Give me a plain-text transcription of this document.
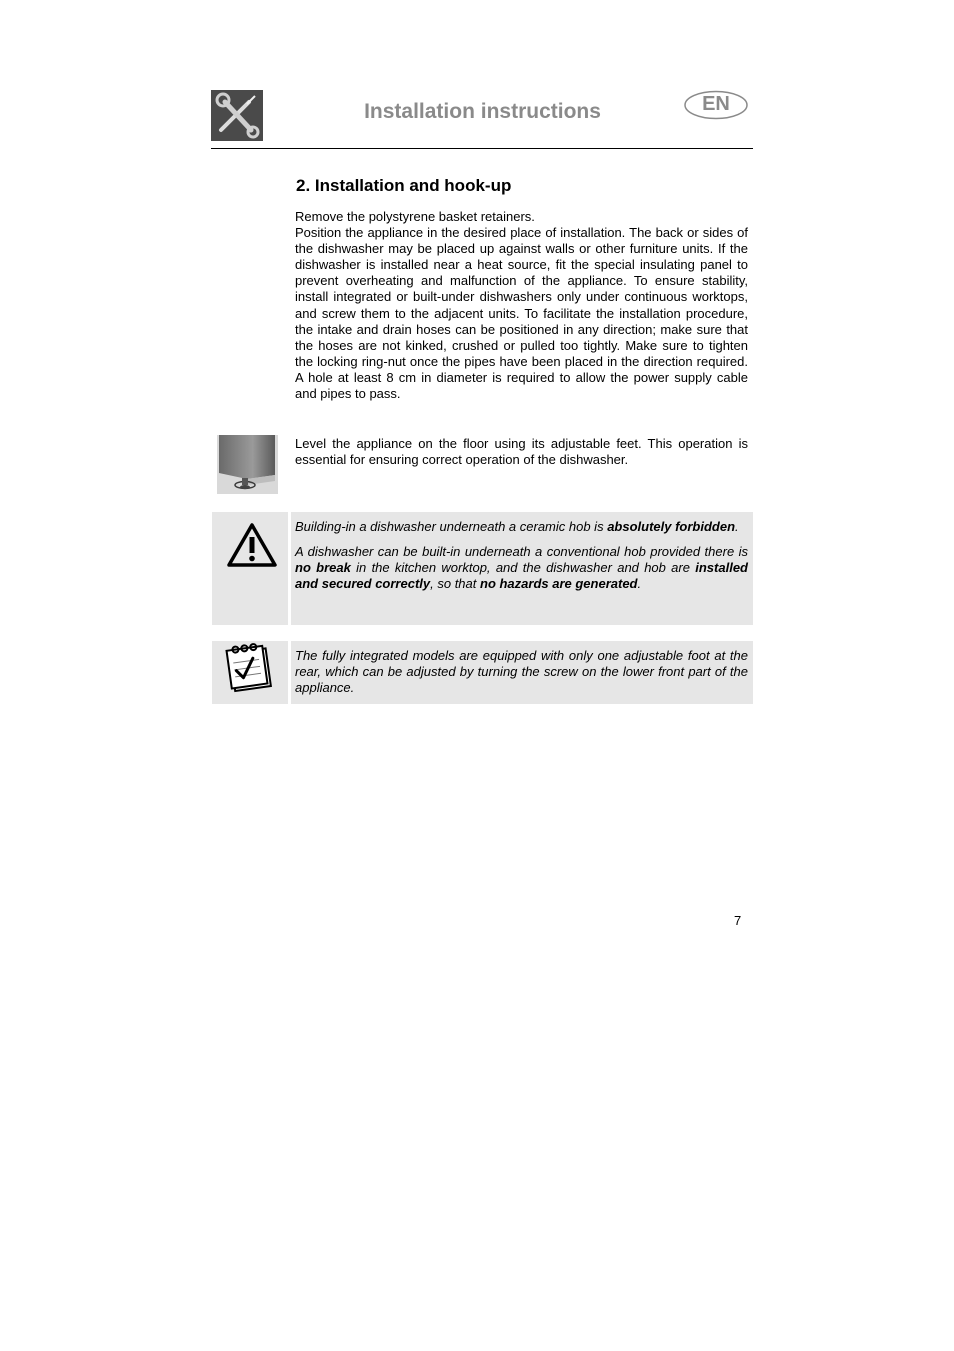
Installation instructions	EN
2. Installation and hook-up

Remove the polystyrene basket retainers.

Position the appliance in the desired place of installation. The back or sides of the dishwasher may be placed up against walls or other furniture units. If the dishwasher is installed near a heat source, fit the special insulating panel to prevent overheating and malfunction of the appliance. To ensure stability, install integrated or built-under dishwashers only under continuous worktops, and screw them to the adjacent units. To facilitate the installation procedure, the intake and drain hoses can be positioned in any direction; make sure that the hoses are not kinked, crushed or pulled too tightly. Make sure to tighten the locking ring-nut once the pipes have been placed in the direction required. A hole at least 8 cm in diameter is required to allow the power supply cable and pipes to pass.

Level the appliance on the floor using its adjustable feet. This operation is essential for ensuring correct operation of the dishwasher.

Building-in a dishwasher underneath a ceramic hob is absolutely forbidden.

A dishwasher can be built-in underneath a conventional hob provided there is no break in the kitchen worktop, and the dishwasher and hob are installed and secured correctly, so that no hazards are generated.

The fully integrated models are equipped with only one adjustable foot at the rear, which can be adjusted by turning the screw on the lower front part of the appliance.

7
